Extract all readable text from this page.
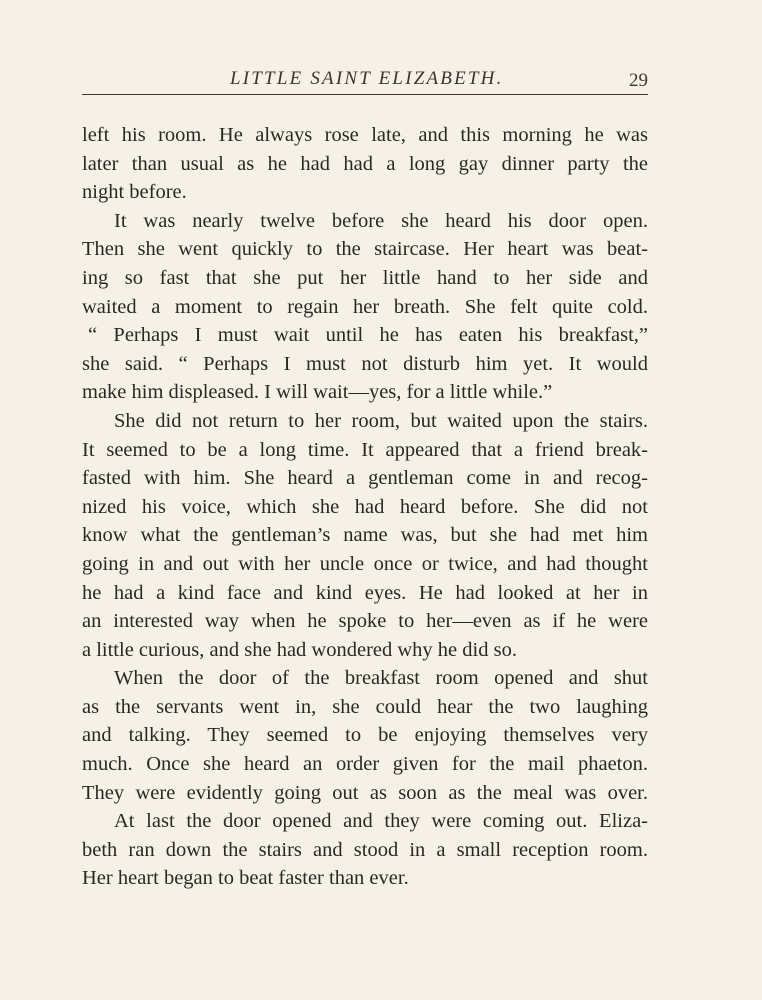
LITTLE SAINT ELIZABETH.	29
left his room. He always rose late, and this morning he was
later than usual as he had had a long gay dinner party the
night before.
It was nearly twelve before she heard his door open.
Then she went quickly to the staircase. Her heart was beat-
ing so fast that she put her little hand to her side and
waited a moment to regain her breath. She felt quite cold.
“ Perhaps I must wait until he has eaten his breakfast,”
she said. “ Perhaps I must not disturb him yet. It would
make him displeased. I will wait—yes, for a little while.”
She did not return to her room, but waited upon the stairs.
It seemed to be a long time. It appeared that a friend break-
fasted with him. She heard a gentleman come in and recog-
nized his voice, which she had heard before. She did not
know what the gentleman’s name was, but she had met him
going in and out with her uncle once or twice, and had thought
he had a kind face and kind eyes. He had looked at her in
an interested way when he spoke to her—even as if he were
a little curious, and she had wondered why he did so.
When the door of the breakfast room opened and shut
as the servants went in, she could hear the two laughing
and talking. They seemed to be enjoying themselves very
much. Once she heard an order given for the mail phaeton.
They were evidently going out as soon as the meal was over.
At last the door opened and they were coming out. Eliza-
beth ran down the stairs and stood in a small reception room.
Her heart began to beat faster than ever.
